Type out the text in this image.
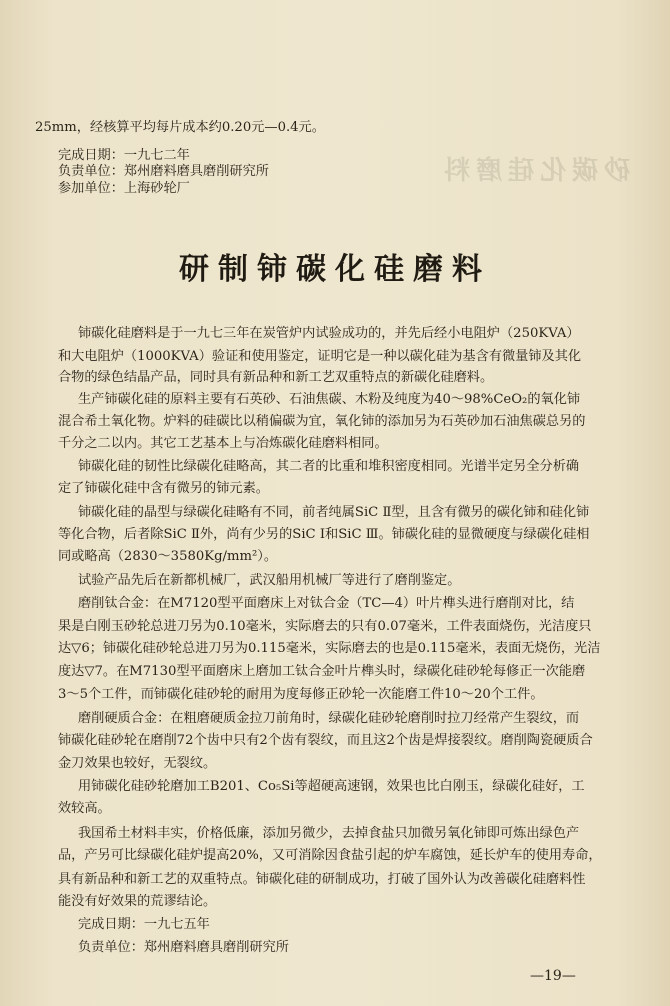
砂碳化硅磨料
25mm，经核算平均每片成本约0.20元—0.4元。
完成日期：一九七二年
负责单位：郑州磨料磨具磨削研究所
参加单位：上海砂轮厂
研制铈碳化硅磨料
铈碳化硅磨料是于一九七三年在炭管炉内试验成功的，并先后经小电阻炉（250KVA）
和大电阻炉（1000KVA）验证和使用鉴定，证明它是一种以碳化硅为基含有微量铈及其化
合物的绿色结晶产品，同时具有新品种和新工艺双重特点的新碳化硅磨料。
生产铈碳化硅的原料主要有石英砂、石油焦碳、木粉及纯度为40～98%CeO₂的氧化铈
混合希土氧化物。炉料的硅碳比以稍偏碳为宜，氧化铈的添加另为石英砂加石油焦碳总另的
千分之二以内。其它工艺基本上与冶炼碳化硅磨料相同。
铈碳化硅的韧性比绿碳化硅略高，其二者的比重和堆积密度相同。光谱半定另全分析确
定了铈碳化硅中含有微另的铈元素。
铈碳化硅的晶型与绿碳化硅略有不同，前者纯属SiC Ⅱ型，且含有微另的碳化铈和硅化铈
等化合物，后者除SiC Ⅱ外，尚有少另的SiC Ⅰ和SiC Ⅲ。铈碳化硅的显微硬度与绿碳化硅相
同或略高（2830～3580Kg/mm²）。
试验产品先后在新都机械厂，武汉船用机械厂等进行了磨削鉴定。
磨削钛合金：在M7120型平面磨床上对钛合金（TC—4）叶片榫头进行磨削对比，结
果是白刚玉砂轮总进刀另为0.10毫米，实际磨去的只有0.07毫米，工件表面烧伤，光洁度只
达▽6；铈碳化硅砂轮总进刀另为0.115毫米，实际磨去的也是0.115毫米，表面无烧伤，光洁
度达▽7。在M7130型平面磨床上磨加工钛合金叶片榫头时，绿碳化硅砂轮每修正一次能磨
3～5个工件，而铈碳化硅砂轮的耐用为度每修正砂轮一次能磨工件10～20个工件。
磨削硬质合金：在粗磨硬质金拉刀前角时，绿碳化硅砂轮磨削时拉刀经常产生裂纹，而
铈碳化硅砂轮在磨削72个齿中只有2个齿有裂纹，而且这2个齿是焊接裂纹。磨削陶瓷硬质合
金刀效果也较好，无裂纹。
用铈碳化硅砂轮磨加工B201、Co₅Si等超硬高速钢，效果也比白刚玉，绿碳化硅好，工
效较高。
我国希土材料丰实，价格低廉，添加另微少，去掉食盐只加微另氧化铈即可炼出绿色产
品，产另可比绿碳化硅炉提高20%，又可消除因食盐引起的炉车腐蚀，延长炉车的使用寿命，
具有新品种和新工艺的双重特点。铈碳化硅的研制成功，打破了国外认为改善碳化硅磨料性
能没有好效果的荒谬结论。
完成日期：一九七五年
负责单位：郑州磨料磨具磨削研究所
—19—
